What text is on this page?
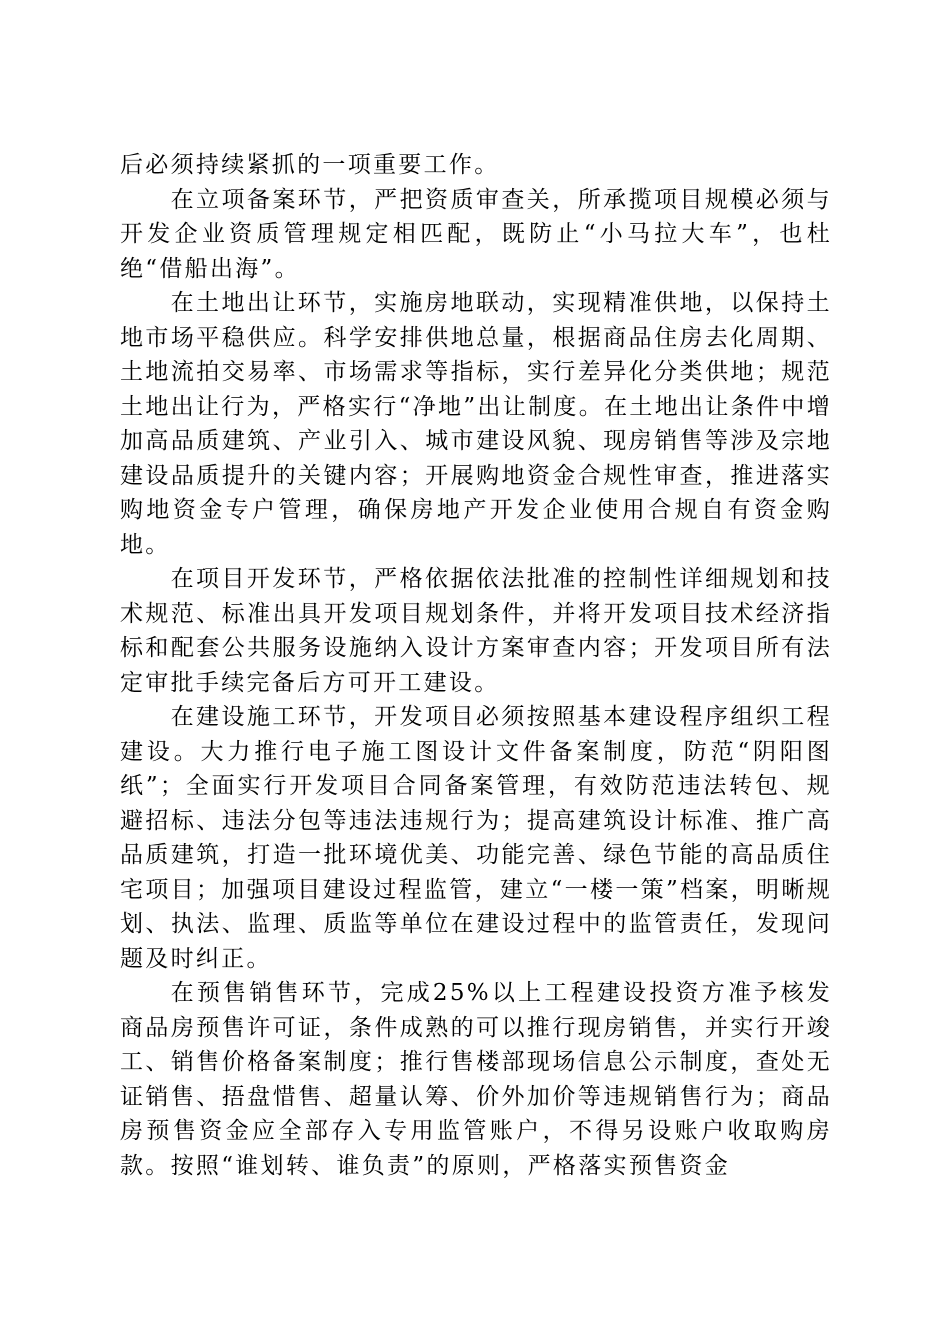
后必须持续紧抓的一项重要工作。

在立项备案环节，严把资质审查关，所承揽项目规模必须与开发企业资质管理规定相匹配，既防止“小马拉大车”，也杜绝“借船出海”。

在土地出让环节，实施房地联动，实现精准供地，以保持土地市场平稳供应。科学安排供地总量，根据商品住房去化周期、土地流拍交易率、市场需求等指标，实行差异化分类供地；规范土地出让行为，严格实行“净地”出让制度。在土地出让条件中增加高品质建筑、产业引入、城市建设风貌、现房销售等涉及宗地建设品质提升的关键内容；开展购地资金合规性审查，推进落实购地资金专户管理，确保房地产开发企业使用合规自有资金购地。

在项目开发环节，严格依据依法批准的控制性详细规划和技术规范、标准出具开发项目规划条件，并将开发项目技术经济指标和配套公共服务设施纳入设计方案审查内容；开发项目所有法定审批手续完备后方可开工建设。

在建设施工环节，开发项目必须按照基本建设程序组织工程建设。大力推行电子施工图设计文件备案制度，防范“阴阳图纸”；全面实行开发项目合同备案管理，有效防范违法转包、规避招标、违法分包等违法违规行为；提高建筑设计标准、推广高品质建筑，打造一批环境优美、功能完善、绿色节能的高品质住宅项目；加强项目建设过程监管，建立“一楼一策”档案，明晰规划、执法、监理、质监等单位在建设过程中的监管责任，发现问题及时纠正。

在预售销售环节，完成25%以上工程建设投资方准予核发商品房预售许可证，条件成熟的可以推行现房销售，并实行开竣工、销售价格备案制度；推行售楼部现场信息公示制度，查处无证销售、捂盘惜售、超量认筹、价外加价等违规销售行为；商品房预售资金应全部存入专用监管账户，不得另设账户收取购房款。按照“谁划转、谁负责”的原则，严格落实预售资金
